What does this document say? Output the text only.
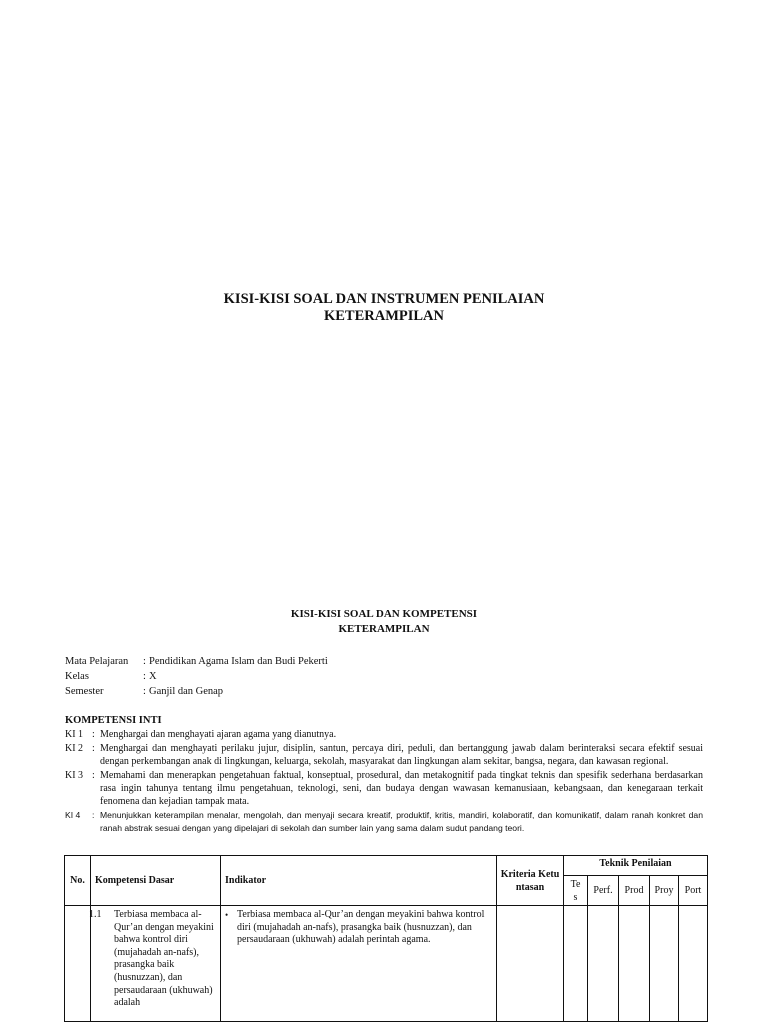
KISI-KISI SOAL DAN INSTRUMEN PENILAIAN
KETERAMPILAN
KISI-KISI SOAL DAN KOMPETENSI
KETERAMPILAN
Mata Pelajaran	: Pendidikan Agama Islam dan Budi Pekerti
Kelas	: X
Semester	: Ganjil dan Genap
KOMPETENSI INTI
KI 1 : Menghargai dan menghayati ajaran agama yang dianutnya.
KI 2 : Menghargai dan menghayati perilaku jujur, disiplin, santun, percaya diri, peduli, dan bertanggung jawab dalam berinteraksi secara efektif sesuai dengan perkembangan anak di lingkungan, keluarga, sekolah, masyarakat dan lingkungan alam sekitar, bangsa, negara, dan kawasan regional.
KI 3 : Memahami dan menerapkan pengetahuan faktual, konseptual, prosedural, dan metakognitif pada tingkat teknis dan spesifik sederhana berdasarkan rasa ingin tahunya tentang ilmu pengetahuan, teknologi, seni, dan budaya dengan wawasan kemanusiaan, kebangsaan, dan kenegaraan terkait fenomena dan kejadian tampak mata.
KI 4	: Menunjukkan keterampilan menalar, mengolah, dan menyaji secara kreatif, produktif, kritis, mandiri, kolaboratif, dan komunikatif, dalam ranah konkret dan ranah abstrak sesuai dengan yang dipelajari di sekolah dan sumber lain yang sama dalam sudut pandang teori.
No.	Kompetensi Dasar	Indikator	Kriteria Ketuntasan	Teknik Penilaian				
				Tes	Perf.	Prod	Proy	Port

	1.1 Terbiasa membaca al-Qur’an dengan meyakini bahwa kontrol diri (mujahadah an-nafs), prasangka baik (husnuzzan), dan persaudaraan (ukhuwah) adalah	• Terbiasa membaca al-Qur’an dengan meyakini bahwa kontrol diri (mujahadah an-nafs), prasangka baik (husnuzzan), dan persaudaraan (ukhuwah) adalah perintah agama.						
